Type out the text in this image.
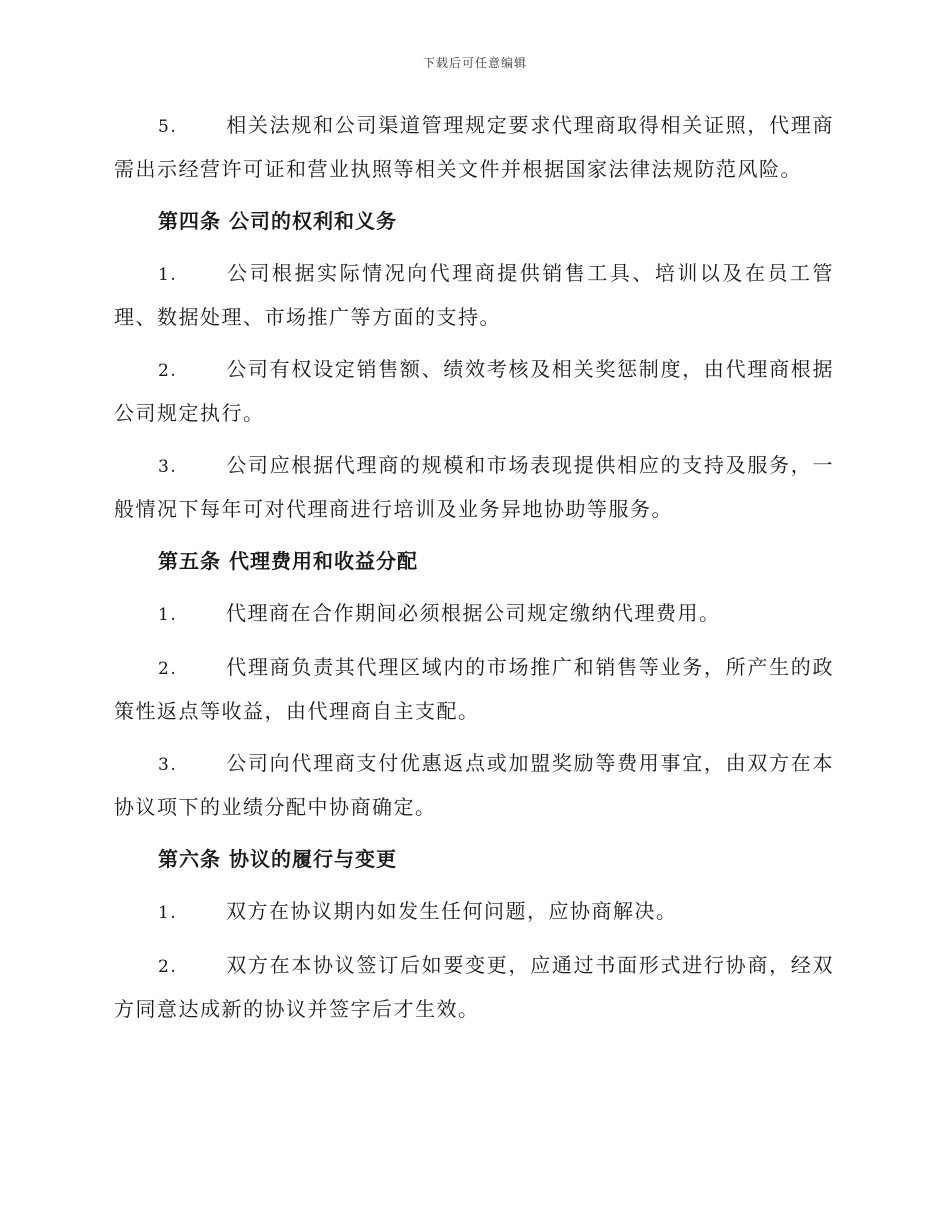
下载后可任意编辑

5. 相关法规和公司渠道管理规定要求代理商取得相关证照，代理商需出示经营许可证和营业执照等相关文件并根据国家法律法规防范风险。

第四条 公司的权利和义务

1. 公司根据实际情况向代理商提供销售工具、培训以及在员工管理、数据处理、市场推广等方面的支持。

2. 公司有权设定销售额、绩效考核及相关奖惩制度，由代理商根据公司规定执行。

3. 公司应根据代理商的规模和市场表现提供相应的支持及服务，一般情况下每年可对代理商进行培训及业务异地协助等服务。

第五条 代理费用和收益分配

1. 代理商在合作期间必须根据公司规定缴纳代理费用。

2. 代理商负责其代理区域内的市场推广和销售等业务，所产生的政策性返点等收益，由代理商自主支配。

3. 公司向代理商支付优惠返点或加盟奖励等费用事宜，由双方在本协议项下的业绩分配中协商确定。

第六条 协议的履行与变更

1. 双方在协议期内如发生任何问题，应协商解决。

2. 双方在本协议签订后如要变更，应通过书面形式进行协商，经双方同意达成新的协议并签字后才生效。
